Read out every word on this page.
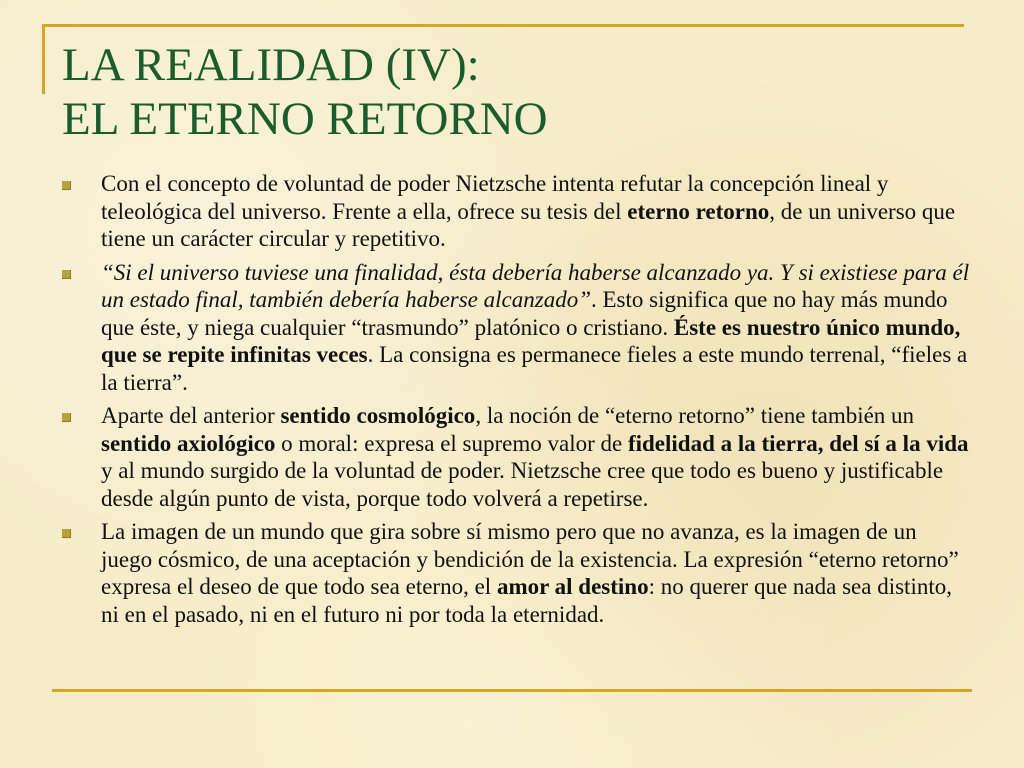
LA REALIDAD (IV):
EL ETERNO RETORNO
Con el concepto de voluntad de poder Nietzsche intenta refutar la concepción lineal y teleológica del universo. Frente a ella, ofrece su tesis del eterno retorno, de un universo que tiene un carácter circular y repetitivo.
“Si el universo tuviese una finalidad, ésta debería haberse alcanzado ya. Y si existiese para él un estado final, también debería haberse alcanzado”. Esto significa que no hay más mundo que éste, y niega cualquier “trasmundo” platónico o cristiano. Éste es nuestro único mundo, que se repite infinitas veces. La consigna es permanece fieles a este mundo terrenal, “fieles a la tierra”.
Aparte del anterior sentido cosmológico, la noción de “eterno retorno” tiene también un sentido axiológico o moral: expresa el supremo valor de fidelidad a la tierra, del sí a la vida y al mundo surgido de la voluntad de poder. Nietzsche cree que todo es bueno y justificable desde algún punto de vista, porque todo volverá a repetirse.
La imagen de un mundo que gira sobre sí mismo pero que no avanza, es la imagen de un juego cósmico, de una aceptación y bendición de la existencia. La expresión “eterno retorno” expresa el deseo de que todo sea eterno, el amor al destino: no querer que nada sea distinto, ni en el pasado, ni en el futuro ni por toda la eternidad.
